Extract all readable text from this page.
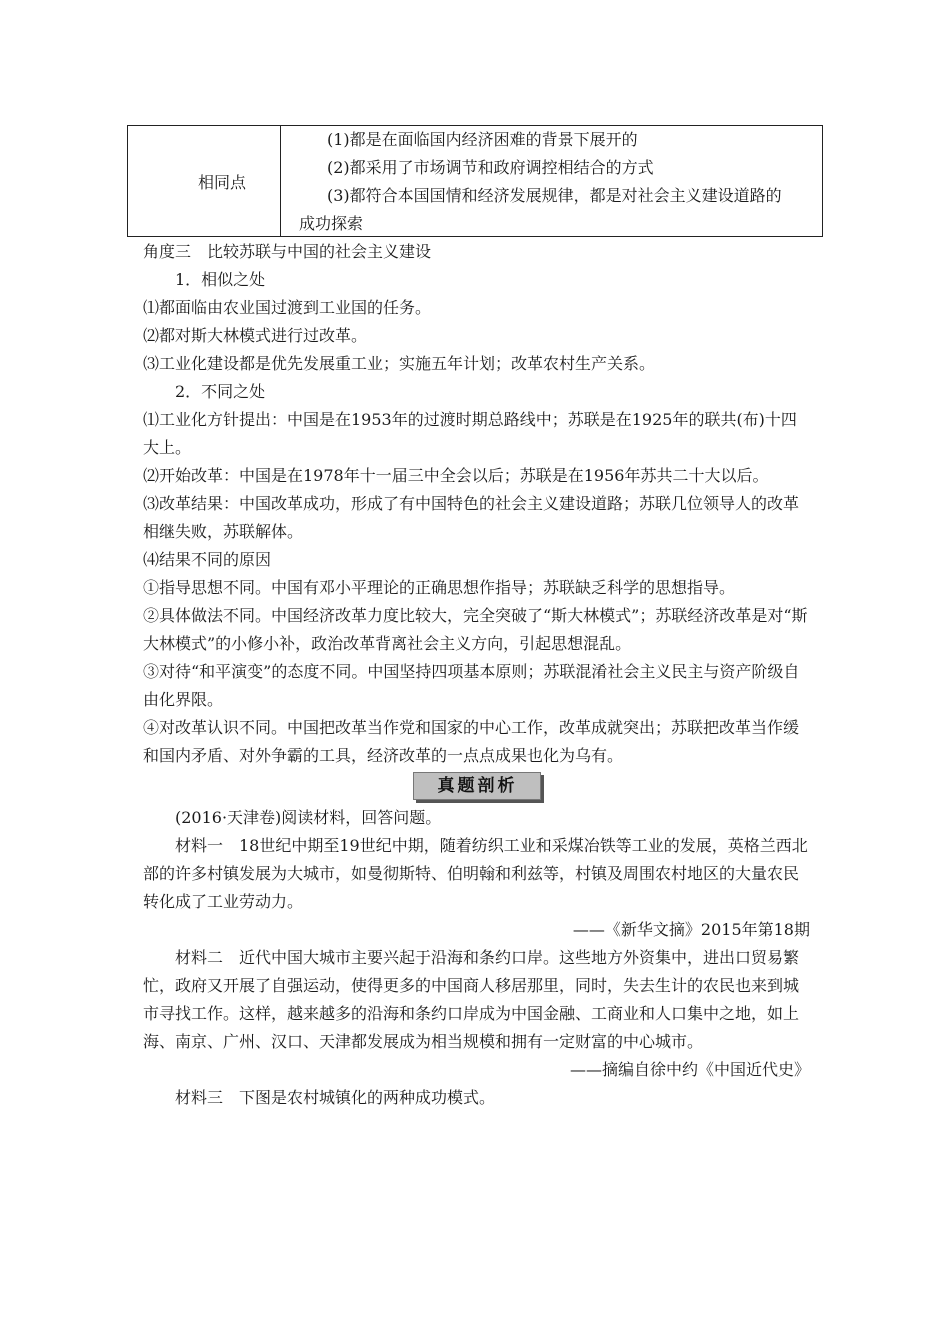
相同点

(1)都是在面临国内经济困难的背景下展开的

(2)都采用了市场调节和政府调控相结合的方式

(3)都符合本国国情和经济发展规律，都是对社会主义建设道路的

成功探索

角度三　比较苏联与中国的社会主义建设

1．相似之处

⑴都面临由农业国过渡到工业国的任务。

⑵都对斯大林模式进行过改革。

⑶工业化建设都是优先发展重工业；实施五年计划；改革农村生产关系。

2．不同之处

⑴工业化方针提出：中国是在1953年的过渡时期总路线中；苏联是在1925年的联共(布)十四大上。

⑵开始改革：中国是在1978年十一届三中全会以后；苏联是在1956年苏共二十大以后。

⑶改革结果：中国改革成功，形成了有中国特色的社会主义建设道路；苏联几位领导人的改革相继失败，苏联解体。

⑷结果不同的原因

①指导思想不同。中国有邓小平理论的正确思想作指导；苏联缺乏科学的思想指导。

②具体做法不同。中国经济改革力度比较大，完全突破了“斯大林模式”；苏联经济改革是对“斯大林模式”的小修小补，政治改革背离社会主义方向，引起思想混乱。

③对待“和平演变”的态度不同。中国坚持四项基本原则；苏联混淆社会主义民主与资产阶级自由化界限。

④对改革认识不同。中国把改革当作党和国家的中心工作，改革成就突出；苏联把改革当作缓和国内矛盾、对外争霸的工具，经济改革的一点点成果也化为乌有。

真题剖析

(2016·天津卷)阅读材料，回答问题。

材料一　18世纪中期至19世纪中期，随着纺织工业和采煤冶铁等工业的发展，英格兰西北部的许多村镇发展为大城市，如曼彻斯特、伯明翰和利兹等，村镇及周围农村地区的大量农民转化成了工业劳动力。

——《新华文摘》2015年第18期

材料二　近代中国大城市主要兴起于沿海和条约口岸。这些地方外资集中，进出口贸易繁忙，政府又开展了自强运动，使得更多的中国商人移居那里，同时，失去生计的农民也来到城市寻找工作。这样，越来越多的沿海和条约口岸成为中国金融、工商业和人口集中之地，如上海、南京、广州、汉口、天津都发展成为相当规模和拥有一定财富的中心城市。

——摘编自徐中约《中国近代史》

材料三　下图是农村城镇化的两种成功模式。
